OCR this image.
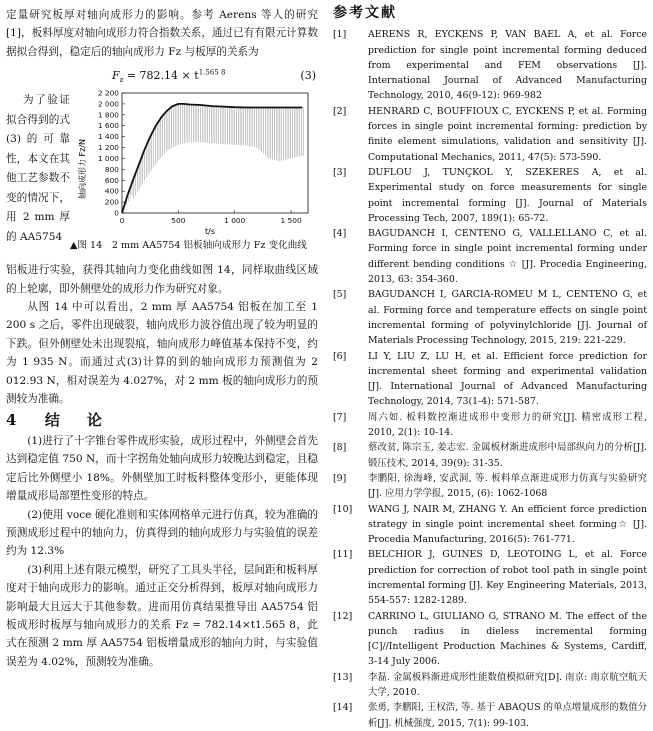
定量研究板厚对轴向成形力的影响。参考 Aerens 等人的研究[1]，板料厚度对轴向成形力符合指数关系，通过已有有限元计算数据拟合得到，稳定后的轴向成形力 Fz 与板厚的关系为

$F_z = 782.14 \times t^{1.565 8}$	(3)

为了验证拟合得到的式(3)的可靠性，本文在其他工艺参数不变的情况下，用 2 mm 厚的 AA5754

0
200
400
600
800
1 000
1 200
1 400
1 600
1 800
2 000
2 200
0	500	1 000	1 500
轴向成形力 Fz/N
t/s
▲图 14　2 mm AA5754 铝板轴向成形力 Fz 变化曲线

铝板进行实验，获得其轴向力变化曲线如图 14，同样取曲线区域的上轮廓，即外侧壁处的成形力作为研究对象。

从图 14 中可以看出，2 mm 厚 AA5754 铝板在加工至 1 200 s 之后，零件出现破裂，轴向成形力波谷值出现了较为明显的下跌。但外侧壁处未出现裂痕，轴向成形力峰值基本保持不变，约为 1 935 N。而通过式(3)计算的到的轴向成形力预测值为 2 012.93 N，相对误差为 4.027%，对 2 mm 板的轴向成形力的预测较为准确。

4 结　论

(1)进行了十字锥台零件成形实验，成形过程中，外侧壁会首先达到稳定值 750 N，而十字拐角处轴向成形力较晚达到稳定，且稳定后比外侧壁小 18%。外侧壁加工时板料整体变形小，更能体现增量成形局部塑性变形的特点。

(2)使用 voce 硬化准则和实体网格单元进行仿真，较为准确的预测成形过程中的轴向力，仿真得到的轴向成形力与实验值的误差约为 12.3%

(3)利用上述有限元模型，研究了工具头半径，层间距和板料厚度对于轴向成形力的影响。通过正交分析得到，板厚对轴向成形力影响最大且远大于其他参数。进而用仿真结果推导出 AA5754 铝板成形时板厚与轴向成形力的关系 Fz = 782.14×t1.565 8，此式在预测 2 mm 厚 AA5754 铝板增量成形的轴向力时，与实验值误差为 4.02%，预测较为准确。

参考文献

[1] AERENS R, EYCKENS P, VAN BAEL A, et al. Force prediction for single point incremental forming deduced from experimental and FEM observations [J]. International Journal of Advanced Manufacturing Technology, 2010, 46(9-12): 969-982

[2] HENRARD C, BOUFFIOUX C, EYCKENS P, et al. Forming forces in single point incremental forming: prediction by finite element simulations, validation and sensitivity [J]. Computational Mechanics, 2011, 47(5): 573-590.

[3] DUFLOU J, TUNÇKOL Y, SZEKERES A, et al. Experimental study on force measurements for single point incremental forming [J]. Journal of Materials Processing Tech, 2007, 189(1): 65-72.

[4] BAGUDANCH I, CENTENO G, VALLELLANO C, et al. Forming force in single point incremental forming under different bending conditions ☆ [J]. Procedia Engineering, 2013, 63: 354-360.

[5] BAGUDANCH I, GARCIA-ROMEU M L, CENTENO G, et al. Forming force and temperature effects on single point incremental forming of polyvinylchloride [J]. Journal of Materials Processing Technology, 2015, 219: 221-229.

[6] LI Y, LIU Z, LU H, et al. Efficient force prediction for incremental sheet forming and experimental validation [J]. International Journal of Advanced Manufacturing Technology, 2014, 73(1-4): 571-587.

[7] 周六如. 板料数控渐进成形中变形力的研究[J]. 精密成形工程, 2010, 2(1): 10-14.

[8] 蔡改贫, 陈宗玉, 姜志宏. 金属板材渐进成形中局部纵向力的分析[J]. 锻压技术, 2014, 39(9): 31-35.

[9] 李鹏阳, 徐海峰, 安武洞, 等. 板料单点渐进成形力仿真与实验研究[J]. 应用力学学报, 2015, (6): 1062-1068

[10] WANG J, NAIR M, ZHANG Y. An efficient force prediction strategy in single point incremental sheet forming☆ [J]. Procedia Manufacturing, 2016(5): 761-771.

[11] BELCHIOR J, GUINES D, LEOTOING L, et al. Force prediction for correction of robot tool path in single point incremental forming [J]. Key Engineering Materials, 2013, 554-557: 1282-1289.

[12] CARRINO L, GIULIANO G, STRANO M. The effect of the punch radius in dieless incremental forming [C]//Intelligent Production Machines & Systems, Cardiff, 3-14 July 2006.

[13] 李磊. 金属板料渐进成形性能数值模拟研究[D]. 南京: 南京航空航天大学, 2010.

[14] 张勇, 李鹏阳, 王权浩, 等. 基于 ABAQUS 的单点增量成形的数值分析[J]. 机械强度, 2015, 7(1): 99-103.
